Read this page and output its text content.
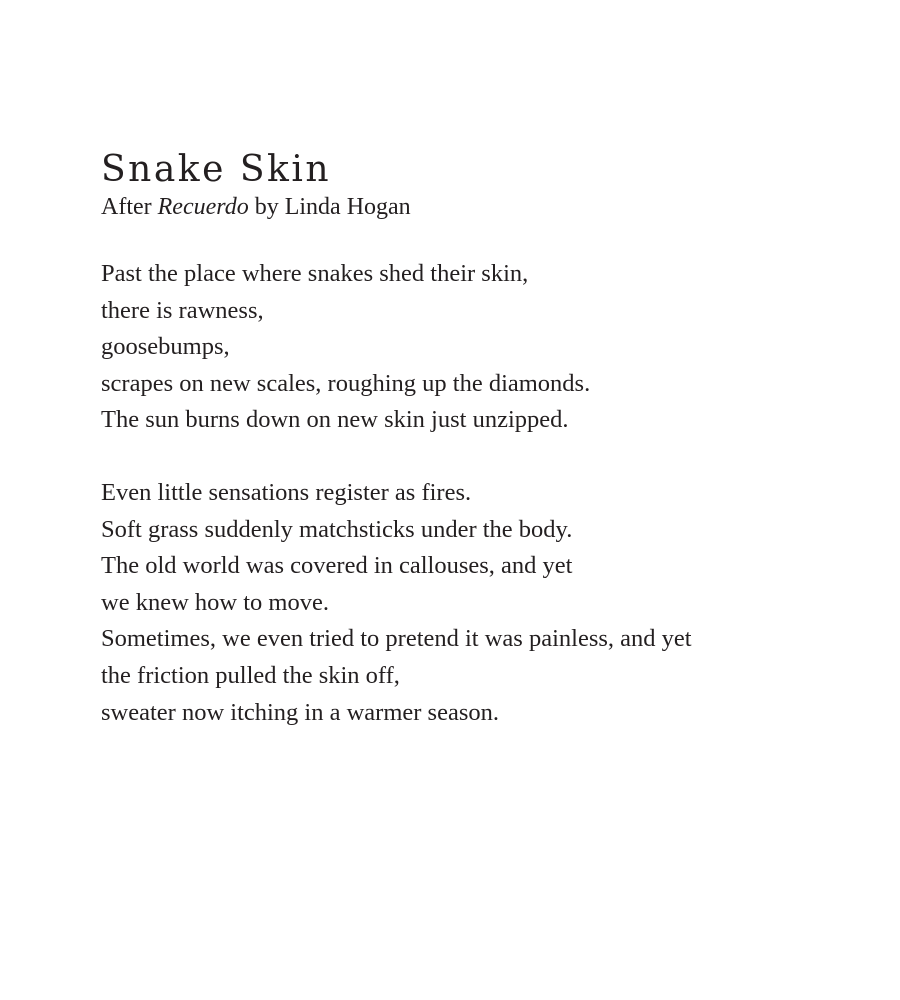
Snake Skin

After Recuerdo by Linda Hogan

Past the place where snakes shed their skin,
there is rawness,
goosebumps,
scrapes on new scales, roughing up the diamonds.
The sun burns down on new skin just unzipped.
Even little sensations register as fires.
Soft grass suddenly matchsticks under the body.
The old world was covered in callouses, and yet
we knew how to move.
Sometimes, we even tried to pretend it was painless, and yet
the friction pulled the skin off,
sweater now itching in a warmer season.
